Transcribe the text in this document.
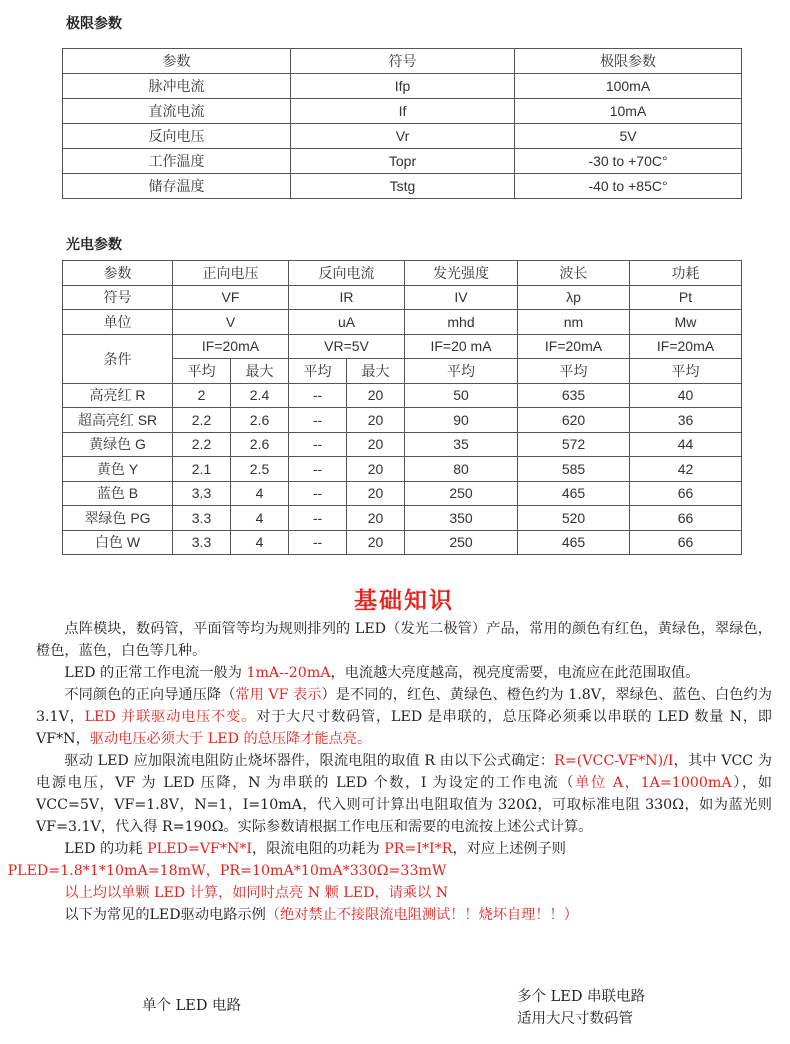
极限参数
参数	符号	极限参数
脉冲电流	Ifp	100mA
直流电流	If	10mA
反向电压	Vr	5V
工作温度	Topr	-30 to +70C°
储存温度	Tstg	-40 to +85C°
光电参数
参数	正向电压		反向电流		发光强度	波长	功耗
符号	VF		IR		IV	λp	Pt
单位	V		uA		mhd	nm	Mw
条件	IF=20mA		VR=5V		IF=20 mA	IF=20mA	IF=20mA
	平均	最大	平均	最大	平均	平均	平均
高亮红 R	2	2.4	--	20	50	635	40
超高亮红 SR	2.2	2.6	--	20	90	620	36
黄绿色 G	2.2	2.6	--	20	35	572	44
黄色 Y	2.1	2.5	--	20	80	585	42
蓝色 B	3.3	4	--	20	250	465	66
翠绿色 PG	3.3	4	--	20	350	520	66
白色 W	3.3	4	--	20	250	465	66
基础知识

点阵模块，数码管，平面管等均为规则排列的 LED（发光二极管）产品，常用的颜色有红色，黄绿色，翠绿色，橙色，蓝色，白色等几种。

LED 的正常工作电流一般为 1mA--20mA，电流越大亮度越高，视亮度需要，电流应在此范围取值。

不同颜色的正向导通压降（常用 VF 表示）是不同的，红色、黄绿色、橙色约为 1.8V，翠绿色、蓝色、白色约为 3.1V，LED 并联驱动电压不变。对于大尺寸数码管，LED 是串联的，总压降必须乘以串联的 LED 数量 N，即 VF*N，驱动电压必须大于 LED 的总压降才能点亮。

驱动 LED 应加限流电阻防止烧坏器件，限流电阻的取值 R 由以下公式确定：R=(VCC-VF*N)/I，其中 VCC 为电源电压，VF 为 LED 压降，N 为串联的 LED 个数，I 为设定的工作电流（单位 A，1A=1000mA），如 VCC=5V，VF=1.8V，N=1，I=10mA，代入则可计算出电阻取值为 320Ω，可取标准电阻 330Ω，如为蓝光则 VF=3.1V，代入得 R=190Ω。实际参数请根据工作电压和需要的电流按上述公式计算。

LED 的功耗 PLED=VF*N*I，限流电阻的功耗为 PR=I*I*R，对应上述例子则
PLED=1.8*1*10mA=18mW，PR=10mA*10mA*330Ω=33mW

以上均以单颗 LED 计算，如同时点亮 N 颗 LED，请乘以 N

以下为常见的LED驱动电路示例（绝对禁止不接限流电阻测试！！烧坏自理！！）

单个 LED 电路
多个 LED 串联电路
适用大尺寸数码管
